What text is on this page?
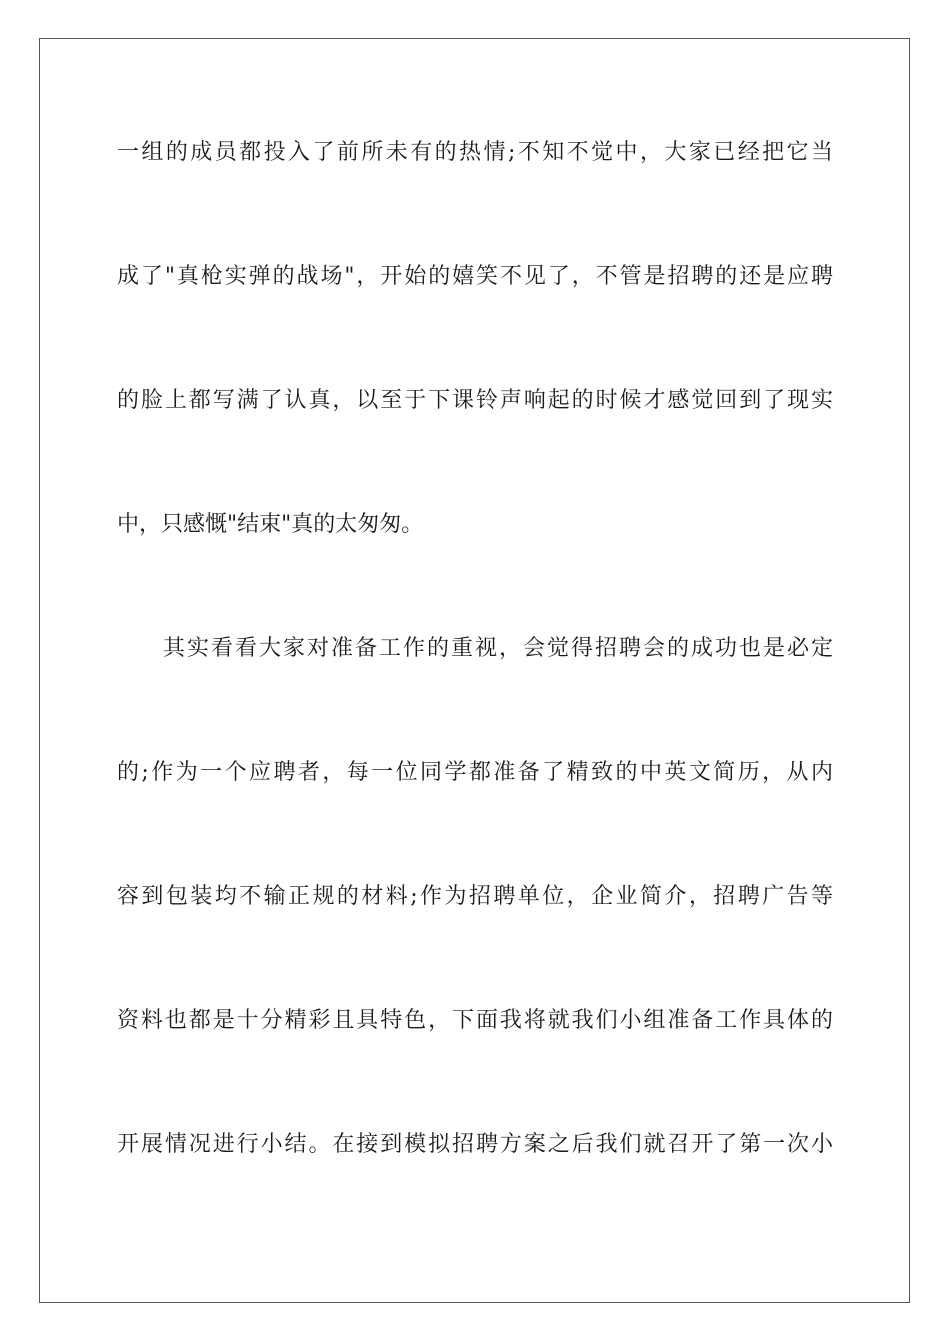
一组的成员都投入了前所未有的热情;不知不觉中，大家已经把它当
成了"真枪实弹的战场"，开始的嬉笑不见了，不管是招聘的还是应聘
的脸上都写满了认真，以至于下课铃声响起的时候才感觉回到了现实
中，只感慨"结束"真的太匆匆。
其实看看大家对准备工作的重视，会觉得招聘会的成功也是必定
的;作为一个应聘者，每一位同学都准备了精致的中英文简历，从内
容到包装均不输正规的材料;作为招聘单位，企业简介，招聘广告等
资料也都是十分精彩且具特色，下面我将就我们小组准备工作具体的
开展情况进行小结。在接到模拟招聘方案之后我们就召开了第一次小
